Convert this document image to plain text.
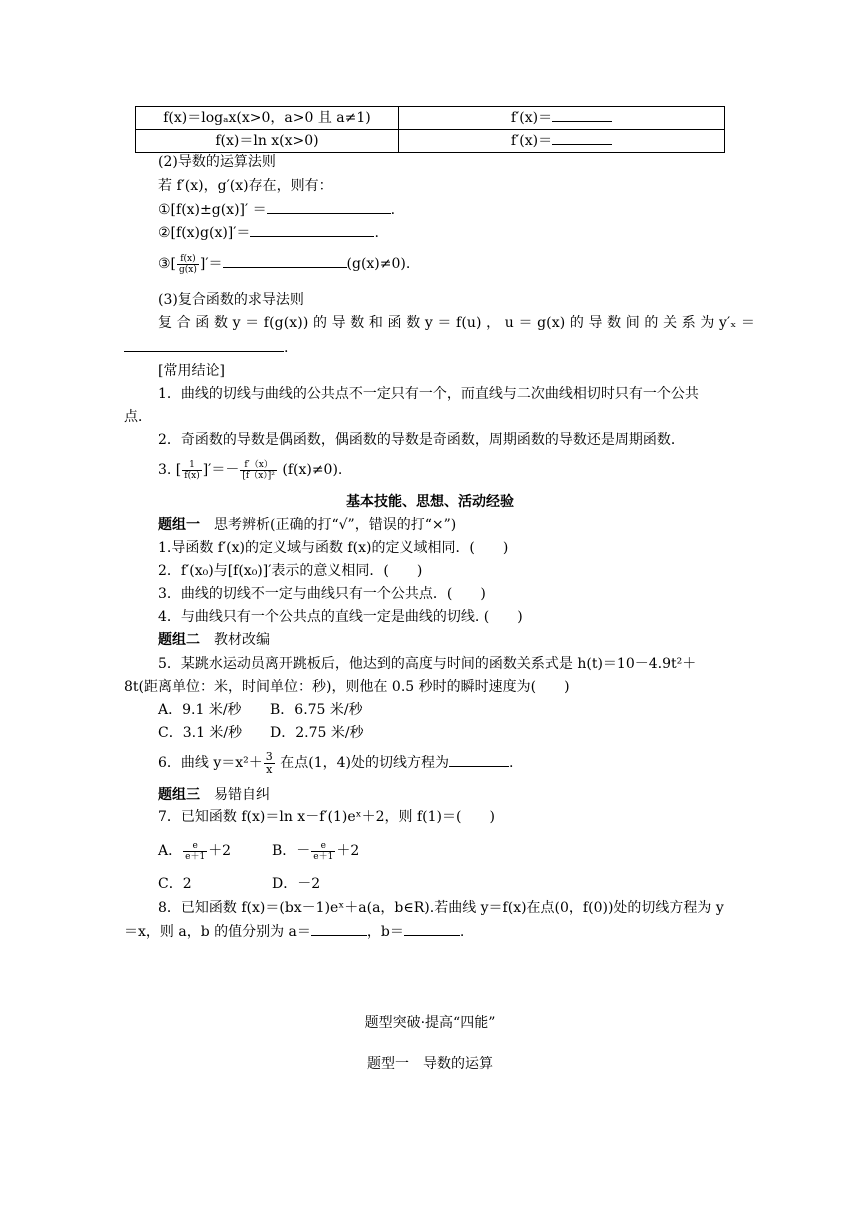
f(x)＝logₐx(x>0，a>0 且 a≠1)	f′(x)＝
f(x)＝ln x(x>0)	f′(x)＝
(2)导数的运算法则
若 f′(x)，g′(x)存在，则有：
①[f(x)±g(x)]′ ＝	.
②[f(x)g(x)]′＝	.
③[ $\frac{f(x)}{g(x)}$ ]′＝	(g(x)≠0).
(3)复合函数的求导法则
复 合 函 数 y ＝ f(g(x)) 的 导 数 和 函 数 y ＝ f(u) ， u ＝ g(x) 的 导 数 间 的 关 系 为 y′ₓ ＝
.
[常用结论]
1．曲线的切线与曲线的公共点不一定只有一个，而直线与二次曲线相切时只有一个公共
点．
2．奇函数的导数是偶函数，偶函数的导数是奇函数，周期函数的导数还是周期函数．
3. [ $\frac{1}{f(x)}$ ]′＝－ $\frac{f'(x)}{\text{[f（x）]²}} (f(x)\ne 0)$.
基本技能、思想、活动经验
题组一　 思考辨析(正确的打“√”，错误的打“×”)
1.导函数 f′(x)的定义域与函数 f(x)的定义域相同．(　　)
2．f′(x₀)与[f(x₀)]′表示的意义相同．(　　)
3．曲线的切线不一定与曲线只有一个公共点．(　　)
4．与曲线只有一个公共点的直线一定是曲线的切线. (　　)
题组二　 教材改编
5．某跳水运动员离开跳板后，他达到的高度与时间的函数关系式是 h(t)＝10－4.9t²＋
8t(距离单位：米，时间单位：秒)，则他在 0.5 秒时的瞬时速度为(　　)
A．9.1 米/秒 B．6.75 米/秒
C．3.1 米/秒 D．2.75 米/秒
6．曲线 $y=x^2+ \frac{3}{x}$ 在点(1，4)处的切线方程为	.
题组三　 易错自纠
7．已知函数 f(x)＝ln x－f′(1)eˣ＋2，则 f(1)＝(　　)
A． $\frac{e}{e+1} +2$	B．－ $\frac{e}{e+1} +2$
C．2	D．－2
8．已知函数 f(x)＝(bx－1)eˣ＋a(a，b∈R).若曲线 y＝f(x)在点(0，f(0))处的切线方程为 y
＝x，则 a，b 的值分别为 a＝	，b＝	.
题型突破·提高“四能”
题型一　导数的运算
